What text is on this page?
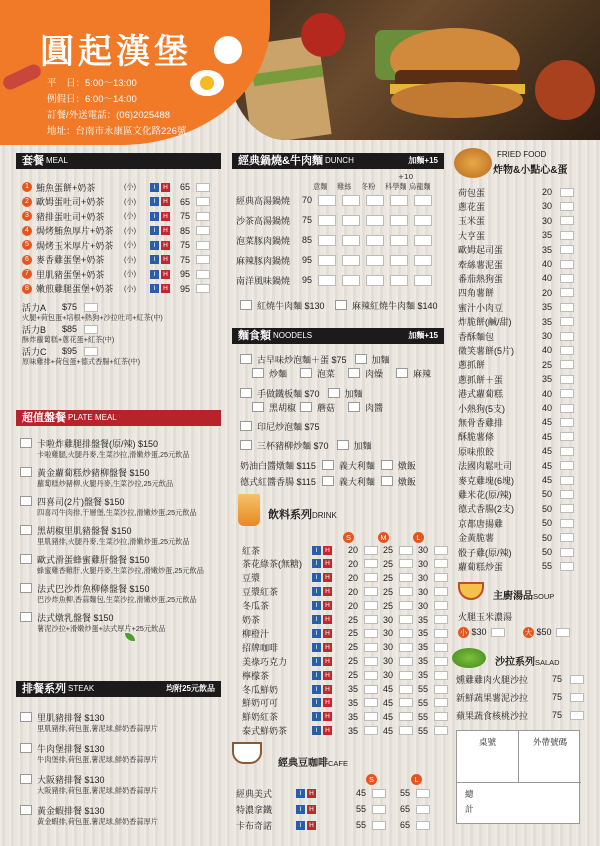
圓起漢堡
平　日：5:00～13:00
例假日：6:00～14:00
訂餐/外送電話：(06)2025488
地址：台南市永康區文化路226號
套餐 MEAL
1 鮪魚蛋餅+奶茶	(小)	I	H 65
2 歐姆蛋吐司+奶茶	(小)	I	H 65
3 豬排蛋吐司+奶茶	(小)	I	H 75
4 焗烤鮪魚厚片+奶茶	(小)	I	H 85
5 焗烤玉米厚片+奶茶	(小)	I	H 75
6 麥香雞蛋堡+奶茶	(小)	I	H 75
7 里肌豬蛋堡+奶茶	(小)	I	H 95
8 嫩煎雞腿蛋堡+奶茶	(小)	I	H 95
活力A	$75
火腿+荷包蛋+培根+熱狗+沙拉吐司+紅茶(中)
活力B	$85
酥炸蘿蔔糕+蔥花蛋+紅茶(中)
活力C	$95
原味雞排+荷包蛋+德式香腸+紅茶(中)
超值盤餐 PLATE MEAL
卡啦炸雞腿排盤餐(原/辣) $150
卡啦雞腿,火腿丹麥,生菜沙拉,滑嫩炒蛋,25元飲品
黃金蘿蔔糕炒豬柳盤餐 $150
蘿蔔糕炒豬柳,火腿丹麥,生菜沙拉,25元飲品
四喜司(2片)盤餐 $150
四喜司牛肉排,干層堡,生菜沙拉,滑嫩炒蛋,25元飲品
黑胡椒里肌豬盤餐 $150
里肌豬排,火腿丹麥,生菜沙拉,滑嫩炒蛋,25元飲品
歐式滑蛋蜂蜜雞肝盤餐 $150
蜂蜜雞香雞肝,火腿丹麥,生菜沙拉,滑嫩炒蛋,25元飲品
法式巴沙炸魚柳條盤餐 $150
巴沙炸魚柳,香蒜麵包,生菜沙拉,滑嫩炒蛋,25元飲品
法式燉乳盤餐 $150
薯泥沙拉+滑嫩炒蛋+法式厚片+25元飲品
排餐系列 STEAK	均附25元飲品
里肌豬排餐 $130
里肌豬排,荷包蛋,薯泥球,鮮奶香蒜厚片
牛肉堡排餐 $130
牛肉堡排,荷包蛋,薯泥球,鮮奶香蒜厚片
大阪豬排餐 $130
大阪豬排,荷包蛋,薯泥球,鮮奶香蒜厚片
黃金蝦排餐 $130
黃金蝦排,荷包蛋,薯泥球,鮮奶香蒜厚片
經典鍋燒&牛肉麵 DUNCH	加麵+15
+10
意麵 雞絲 冬粉 科學麵 烏龍麵
經典高湯鍋燒	70
沙茶高湯鍋燒	75
泡菜豚肉鍋燒	85
麻辣豚肉鍋燒	95
南洋風味鍋燒	95
紅燒牛肉麵 $130	麻辣紅燒牛肉麵 $140
麵食類 NOODELS	加麵+15
古早味炒泡麵＋蛋 $75	加麵
炒麵	泡菜	肉燥	麻辣
手做鐵板麵 $70	加麵
黑胡椒 蘑菇	肉醬
印尼炒泡麵 $75
三杯豬柳炒麵 $70	加麵
奶油白醬燉麵 $115	義大利麵	燉飯
德式紅醬香腸 $115	義大利麵	燉飯
飲料系列DRINK
S	M	L
紅茶	I	H 20	25	30
茶花綠茶(無糖)	I	H 20	25	30
豆漿	I	H 20	25	30
豆漿紅茶	I	H 20	25	30
冬瓜茶	I	H 20	25	30
奶茶	I	H 25	30	35
柳橙汁	I	H 25	30	35
招牌咖啡	I	H 25	30	35
美祿巧克力	I	H 25	30	35
檸檬茶	I	H 25	30	35
冬瓜鮮奶	I	H 35	45	55
鮮奶可可	I	H 35	45	55
鮮奶紅茶	I	H 35	45	55
泰式鮮奶茶	I	H 35	45	55
經典豆咖啡CAFE
S	L
經典美式	I	H	45	55
特濃拿鐵	I	H	55	65
卡布奇諾	I	H	55	65
FRIED FOOD
炸物&小點心&蛋
荷包蛋	20
蔥花蛋	30
玉米蛋	30
大亨蛋	35
歐姆起司蛋	35
牽絲薯泥蛋	40
番茄熱狗蛋	40
四角薯餅	20
蜜汁小肉豆	35
炸脆餅(鹹/甜)	35
香酥麵包	30
微笑薯餅(5片)	40
蔥抓餅	25
蔥抓餅＋蛋	35
港式蘿蔔糕	40
小熱狗(5支)	40
無骨香雞排	45
酥脆薯條	45
原味煎餃	45
法國肉鬆吐司	45
麥克雞塊(6塊)	45
雞米花(原/辣)	50
德式香腸(2支)	50
京都唐揚雞	50
金黃脆薯	50
骰子雞(原/辣)	50
蘿蔔糕炒蛋	55
主廚湯品SOUP
火腿玉米濃湯
小
$30	大
$50
沙拉系列SALAD
燻雞雞肉火腿沙拉	75
新鮮蔬果薯泥沙拉	75
蘋果蔬食核桃沙拉	75
桌號	外帶號碼
總
計
